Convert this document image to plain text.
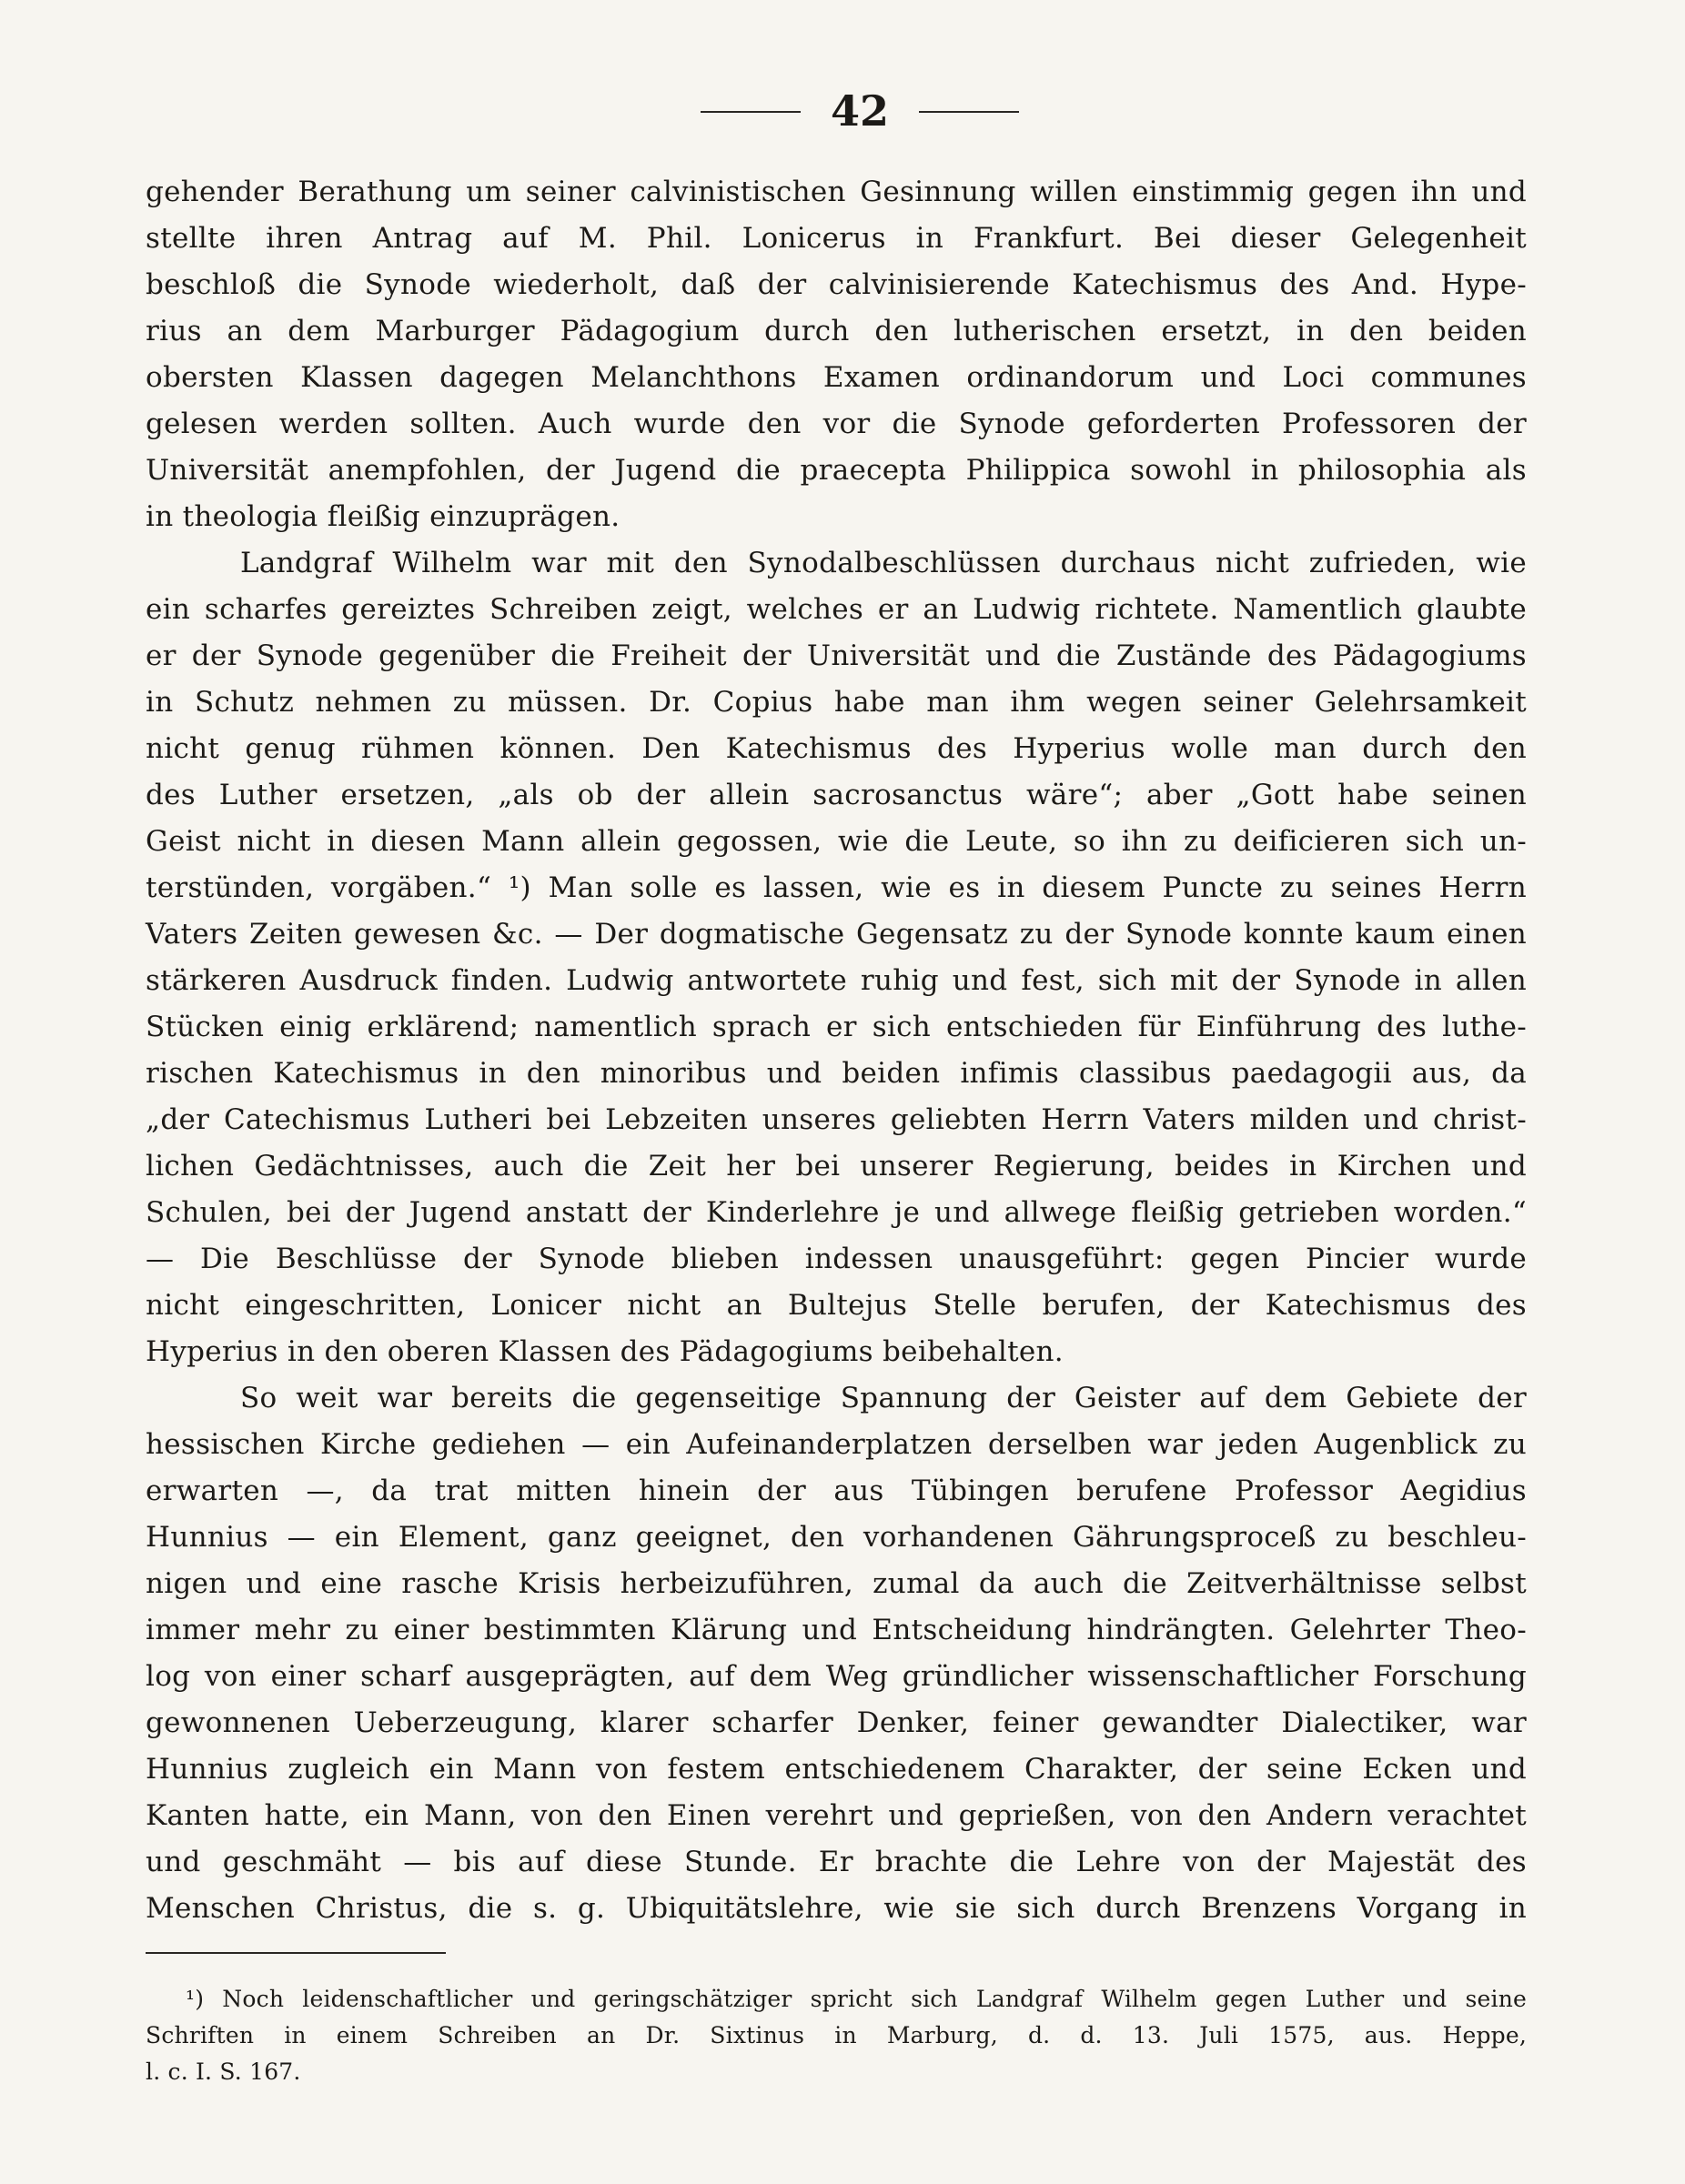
42
gehender Berathung um seiner calvinistischen Gesinnung willen einstimmig gegen ihn und
stellte ihren Antrag auf M. Phil. Lonicerus in Frankfurt. Bei dieser Gelegenheit
beschloß die Synode wiederholt, daß der calvinisierende Katechismus des And. Hype-
rius an dem Marburger Pädagogium durch den lutherischen ersetzt, in den beiden
obersten Klassen dagegen Melanchthons Examen ordinandorum und Loci communes
gelesen werden sollten. Auch wurde den vor die Synode geforderten Professoren der
Universität anempfohlen, der Jugend die praecepta Philippica sowohl in philosophia als
in theologia fleißig einzuprägen.
Landgraf Wilhelm war mit den Synodalbeschlüssen durchaus nicht zufrieden, wie
ein scharfes gereiztes Schreiben zeigt, welches er an Ludwig richtete. Namentlich glaubte
er der Synode gegenüber die Freiheit der Universität und die Zustände des Pädagogiums
in Schutz nehmen zu müssen. Dr. Copius habe man ihm wegen seiner Gelehrsamkeit
nicht genug rühmen können. Den Katechismus des Hyperius wolle man durch den
des Luther ersetzen, „als ob der allein sacrosanctus wäre“; aber „Gott habe seinen
Geist nicht in diesen Mann allein gegossen, wie die Leute, so ihn zu deificieren sich un-
terstünden, vorgäben.“ ¹) Man solle es lassen, wie es in diesem Puncte zu seines Herrn
Vaters Zeiten gewesen &c. — Der dogmatische Gegensatz zu der Synode konnte kaum einen
stärkeren Ausdruck finden. Ludwig antwortete ruhig und fest, sich mit der Synode in allen
Stücken einig erklärend; namentlich sprach er sich entschieden für Einführung des luthe-
rischen Katechismus in den minoribus und beiden infimis classibus paedagogii aus, da
„der Catechismus Lutheri bei Lebzeiten unseres geliebten Herrn Vaters milden und christ-
lichen Gedächtnisses, auch die Zeit her bei unserer Regierung, beides in Kirchen und
Schulen, bei der Jugend anstatt der Kinderlehre je und allwege fleißig getrieben worden.“
— Die Beschlüsse der Synode blieben indessen unausgeführt: gegen Pincier wurde
nicht eingeschritten, Lonicer nicht an Bultejus Stelle berufen, der Katechismus des
Hyperius in den oberen Klassen des Pädagogiums beibehalten.
So weit war bereits die gegenseitige Spannung der Geister auf dem Gebiete der
hessischen Kirche gediehen — ein Aufeinanderplatzen derselben war jeden Augenblick zu
erwarten —, da trat mitten hinein der aus Tübingen berufene Professor Aegidius
Hunnius — ein Element, ganz geeignet, den vorhandenen Gährungsproceß zu beschleu-
nigen und eine rasche Krisis herbeizuführen, zumal da auch die Zeitverhältnisse selbst
immer mehr zu einer bestimmten Klärung und Entscheidung hindrängten. Gelehrter Theo-
log von einer scharf ausgeprägten, auf dem Weg gründlicher wissenschaftlicher Forschung
gewonnenen Ueberzeugung, klarer scharfer Denker, feiner gewandter Dialectiker, war
Hunnius zugleich ein Mann von festem entschiedenem Charakter, der seine Ecken und
Kanten hatte, ein Mann, von den Einen verehrt und geprießen, von den Andern verachtet
und geschmäht — bis auf diese Stunde. Er brachte die Lehre von der Majestät des
Menschen Christus, die s. g. Ubiquitätslehre, wie sie sich durch Brenzens Vorgang in
¹) Noch leidenschaftlicher und geringschätziger spricht sich Landgraf Wilhelm gegen Luther und seine
Schriften in einem Schreiben an Dr. Sixtinus in Marburg, d. d. 13. Juli 1575, aus. Heppe,
l. c. I. S. 167.
